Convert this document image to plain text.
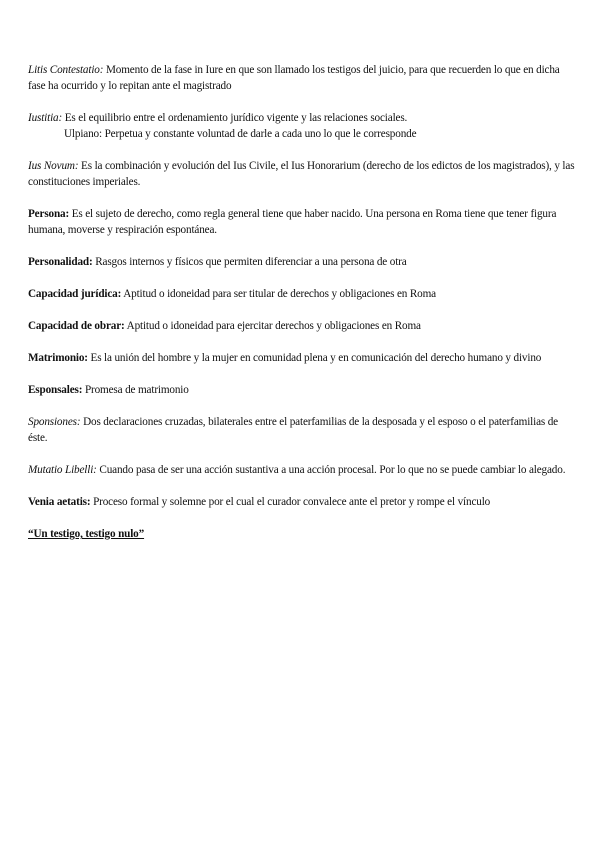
Litis Contestatio: Momento de la fase in Iure en que son llamado los testigos del juicio, para que recuerden lo que en dicha fase ha ocurrido y lo repitan ante el magistrado

Iustitia: Es el equilibrio entre el ordenamiento jurídico vigente y las relaciones sociales.
Ulpiano: Perpetua y constante voluntad de darle a cada uno lo que le corresponde

Ius Novum: Es la combinación y evolución del Ius Civile, el Ius Honorarium (derecho de los edictos de los magistrados), y las constituciones imperiales.

Persona: Es el sujeto de derecho, como regla general tiene que haber nacido. Una persona en Roma tiene que tener figura humana, moverse y respiración espontánea.

Personalidad: Rasgos internos y físicos que permiten diferenciar a una persona de otra

Capacidad jurídica: Aptitud o idoneidad para ser titular de derechos y obligaciones en Roma

Capacidad de obrar: Aptitud o idoneidad para ejercitar derechos y obligaciones en Roma

Matrimonio: Es la unión del hombre y la mujer en comunidad plena y en comunicación del derecho humano y divino

Esponsales: Promesa de matrimonio

Sponsiones: Dos declaraciones cruzadas, bilaterales entre el paterfamilias de la desposada y el esposo o el paterfamilias de éste.

Mutatio Libelli: Cuando pasa de ser una acción sustantiva a una acción procesal. Por lo que no se puede cambiar lo alegado.

Venia aetatis: Proceso formal y solemne por el cual el curador convalece ante el pretor y rompe el vínculo

“Un testigo, testigo nulo”
